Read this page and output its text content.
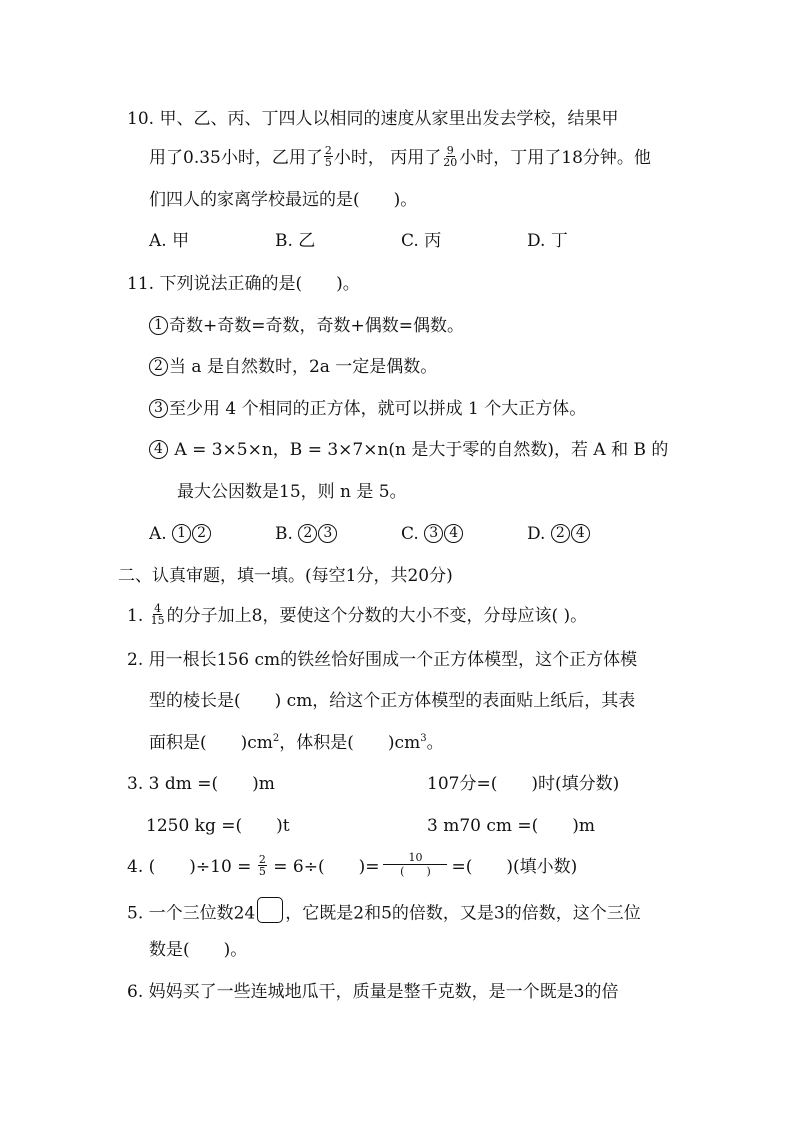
10. 甲、乙、丙、丁四人以相同的速度从家里出发去学校，结果甲
用了0.35小时，乙用了 $\frac{2}{5}$ 小时， 丙用了 $\frac{9}{20}$ 小时，丁用了18分钟。他
们四人的家离学校最远的是(　　)。
A. 甲	B. 乙	C. 丙	D. 丁
11. 下列说法正确的是(　　)。
1 奇数+奇数=奇数，奇数+偶数=偶数。
2 当 a 是自然数时，2a 一定是偶数。
3 至少用 4 个相同的正方体，就可以拼成 1 个大正方体。
4 A = 3×5×n，B = 3×7×n(n 是大于零的自然数)，若 A 和 B 的
最大公因数是15，则 n 是 5。
A. 1 2	B. 2 3	C. 3 4	D. 2 4
二、认真审题，填一填。(每空1分，共20分)
1. $\frac{4}{15}$ 的分子加上8，要使这个分数的大小不变，分母应该( )。
2. 用一根长156 cm的铁丝恰好围成一个正方体模型，这个正方体模
型的棱长是(　　) cm，给这个正方体模型的表面贴上纸后，其表
面积是(　　)$cm^2$，体积是(　　)$cm^3$。
3. 3 dm =(　　)m	107分=(　　)时(填分数)
1250 kg =(　　)t	3 m70 cm =(　　)m
4. (　　)$\div 10 = \frac{2}{5} = 6\div$(　　)= $\frac{10}{( )}$ =(　　)(填小数)
5. 一个三位数24 ，它既是2和5的倍数，又是3的倍数，这个三位
数是(　　)。
6. 妈妈买了一些连城地瓜干，质量是整千克数，是一个既是3的倍
